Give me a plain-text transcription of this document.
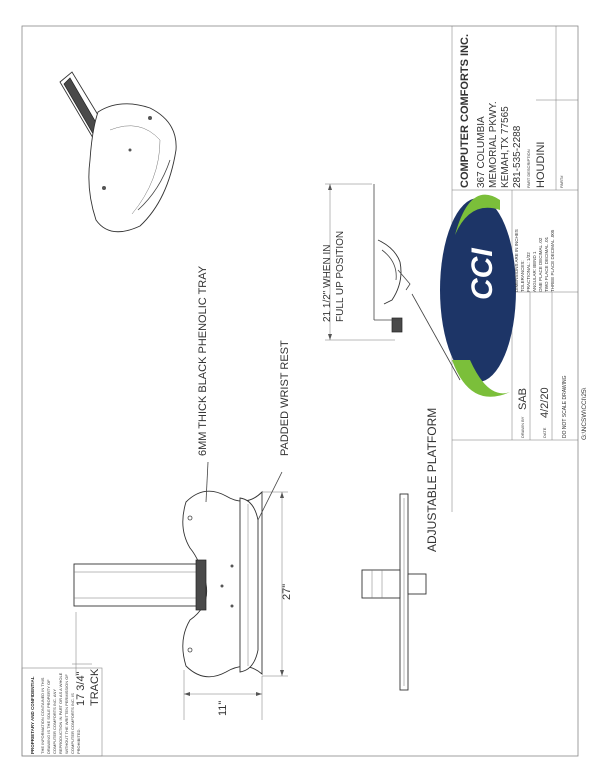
COMPUTER COMFORTS INC. 367 COLUMBIA MEMORIAL PKWY. KEMAH,TX 77565 281-535-2288 PART DESCRIPTION HOUDINI	PART#
CCI	DIMENSIONS ARE IN INCHES TOLERANCES: FRACTIONAL: 1/32 ANGULAR: BEND 1 ONE PLACE DECIMAL .02 TWO PLACE DECIMAL .01 THREE PLACE DECIMAL .005
DRAWN BY
SAB
DATE
4/2/20 DO NOT SCALE DRAWING G:\NCSW\CCI\25\
PROPRIETARY AND CONFIDENTIAL THE INFORMATION CONTAINED IN THIS DRAWING IS THE SOLE PROPERTY OF COMPUTER COMFORTS INC. ANY REPRODUCTION IN PART OR AS A WHOLE WITHOUT THE WRITTEN PERMISSION OF COMPUTER COMFORTS INC. IS PROHIBITED.
21 1/2" WHEN IN FULL UP POSITION
27"
17 3/4" TRACK
11"
6MM THICK BLACK PHENOLIC TRAY	PADDED WRIST REST
ADJUSTABLE PLATFORM
